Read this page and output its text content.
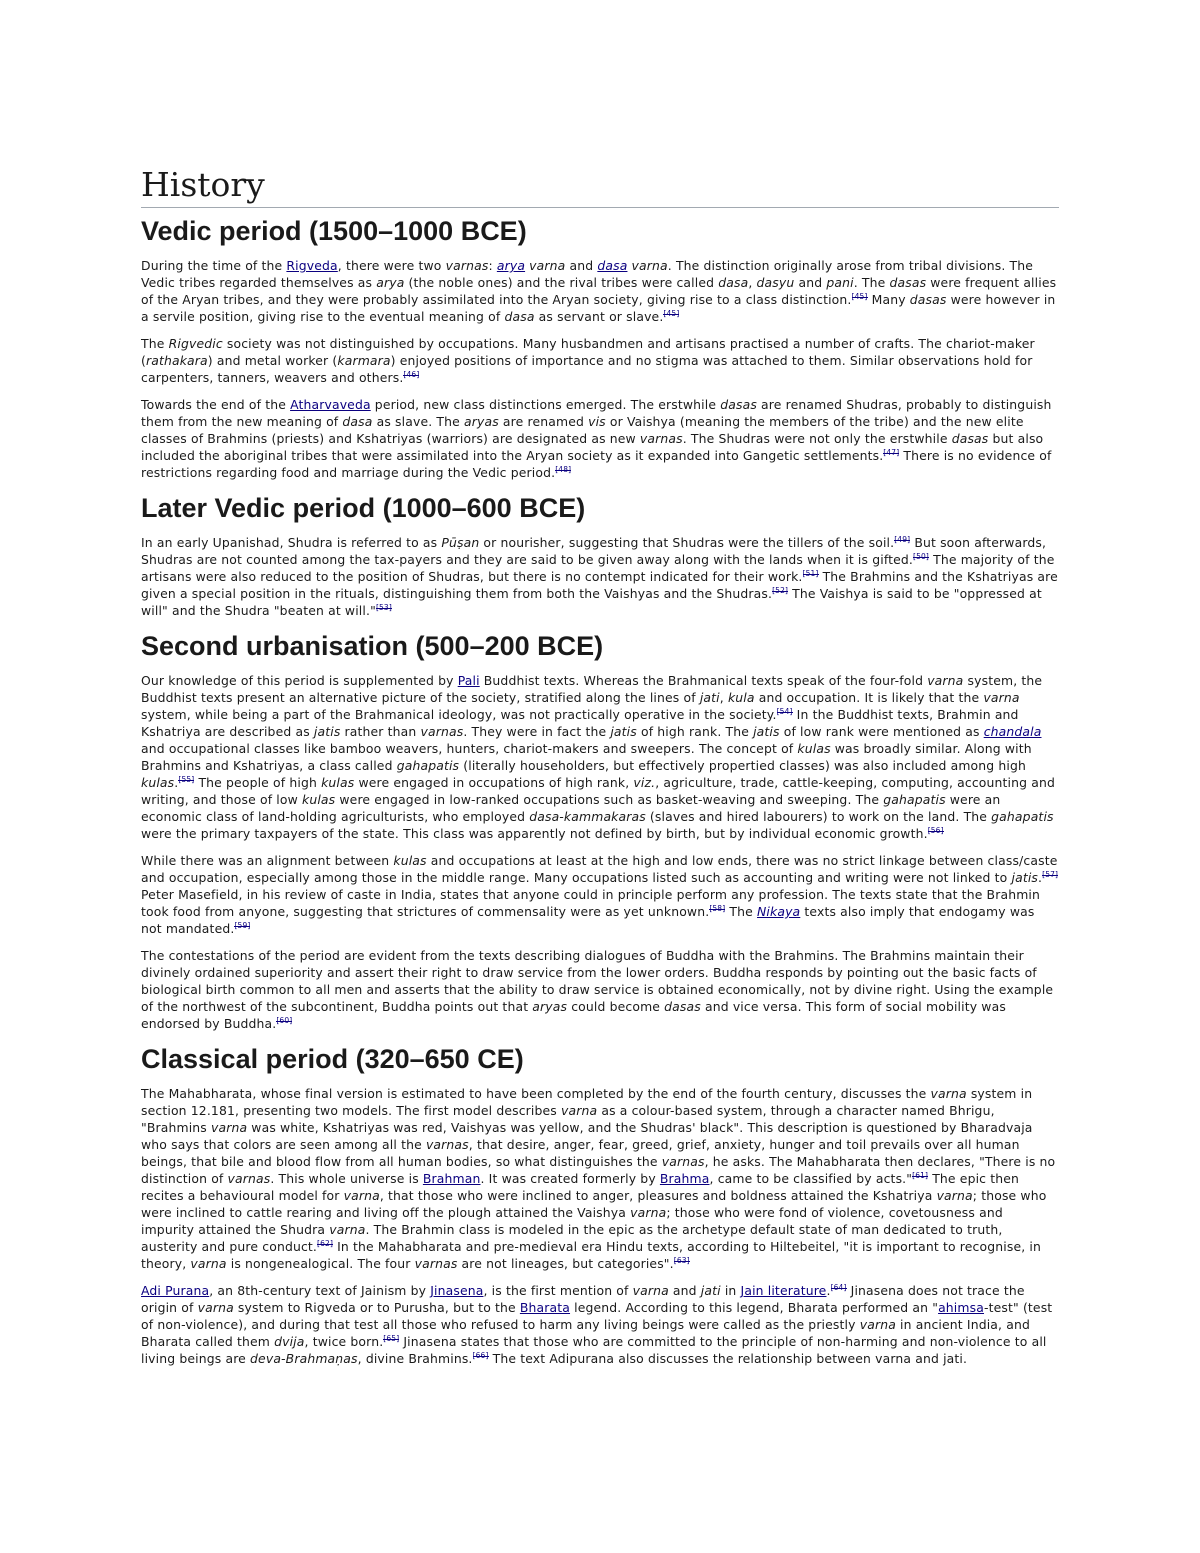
History
Vedic period (1500–1000 BCE)

During the time of the Rigveda, there were two varnas: arya varna and dasa varna. The distinction originally arose from tribal divisions. The Vedic tribes regarded themselves as arya (the noble ones) and the rival tribes were called dasa, dasyu and pani. The dasas were frequent allies of the Aryan tribes, and they were probably assimilated into the Aryan society, giving rise to a class distinction.[45] Many dasas were however in a servile position, giving rise to the eventual meaning of dasa as servant or slave.[45]

The Rigvedic society was not distinguished by occupations. Many husbandmen and artisans practised a number of crafts. The chariot-maker (rathakara) and metal worker (karmara) enjoyed positions of importance and no stigma was attached to them. Similar observations hold for carpenters, tanners, weavers and others.[46]

Towards the end of the Atharvaveda period, new class distinctions emerged. The erstwhile dasas are renamed Shudras, probably to distinguish them from the new meaning of dasa as slave. The aryas are renamed vis or Vaishya (meaning the members of the tribe) and the new elite classes of Brahmins (priests) and Kshatriyas (warriors) are designated as new varnas. The Shudras were not only the erstwhile dasas but also included the aboriginal tribes that were assimilated into the Aryan society as it expanded into Gangetic settlements.[47] There is no evidence of restrictions regarding food and marriage during the Vedic period.[48]

Later Vedic period (1000–600 BCE)

In an early Upanishad, Shudra is referred to as Pūṣan or nourisher, suggesting that Shudras were the tillers of the soil.[49] But soon afterwards, Shudras are not counted among the tax-payers and they are said to be given away along with the lands when it is gifted.[50] The majority of the artisans were also reduced to the position of Shudras, but there is no contempt indicated for their work.[51] The Brahmins and the Kshatriyas are given a special position in the rituals, distinguishing them from both the Vaishyas and the Shudras.[52] The Vaishya is said to be "oppressed at will" and the Shudra "beaten at will."[53]

Second urbanisation (500–200 BCE)

Our knowledge of this period is supplemented by Pali Buddhist texts. Whereas the Brahmanical texts speak of the four-fold varna system, the Buddhist texts present an alternative picture of the society, stratified along the lines of jati, kula and occupation. It is likely that the varna system, while being a part of the Brahmanical ideology, was not practically operative in the society.[54] In the Buddhist texts, Brahmin and Kshatriya are described as jatis rather than varnas. They were in fact the jatis of high rank. The jatis of low rank were mentioned as chandala and occupational classes like bamboo weavers, hunters, chariot-makers and sweepers. The concept of kulas was broadly similar. Along with Brahmins and Kshatriyas, a class called gahapatis (literally householders, but effectively propertied classes) was also included among high kulas.[55] The people of high kulas were engaged in occupations of high rank, viz., agriculture, trade, cattle-keeping, computing, accounting and writing, and those of low kulas were engaged in low-ranked occupations such as basket-weaving and sweeping. The gahapatis were an economic class of land-holding agriculturists, who employed dasa-kammakaras (slaves and hired labourers) to work on the land. The gahapatis were the primary taxpayers of the state. This class was apparently not defined by birth, but by individual economic growth.[56]

While there was an alignment between kulas and occupations at least at the high and low ends, there was no strict linkage between class/caste and occupation, especially among those in the middle range. Many occupations listed such as accounting and writing were not linked to jatis.[57] Peter Masefield, in his review of caste in India, states that anyone could in principle perform any profession. The texts state that the Brahmin took food from anyone, suggesting that strictures of commensality were as yet unknown.[58] The Nikaya texts also imply that endogamy was not mandated.[59]

The contestations of the period are evident from the texts describing dialogues of Buddha with the Brahmins. The Brahmins maintain their divinely ordained superiority and assert their right to draw service from the lower orders. Buddha responds by pointing out the basic facts of biological birth common to all men and asserts that the ability to draw service is obtained economically, not by divine right. Using the example of the northwest of the subcontinent, Buddha points out that aryas could become dasas and vice versa. This form of social mobility was endorsed by Buddha.[60]

Classical period (320–650 CE)

The Mahabharata, whose final version is estimated to have been completed by the end of the fourth century, discusses the varna system in section 12.181, presenting two models. The first model describes varna as a colour-based system, through a character named Bhrigu, "Brahmins varna was white, Kshatriyas was red, Vaishyas was yellow, and the Shudras' black". This description is questioned by Bharadvaja who says that colors are seen among all the varnas, that desire, anger, fear, greed, grief, anxiety, hunger and toil prevails over all human beings, that bile and blood flow from all human bodies, so what distinguishes the varnas, he asks. The Mahabharata then declares, "There is no distinction of varnas. This whole universe is Brahman. It was created formerly by Brahma, came to be classified by acts."[61] The epic then recites a behavioural model for varna, that those who were inclined to anger, pleasures and boldness attained the Kshatriya varna; those who were inclined to cattle rearing and living off the plough attained the Vaishya varna; those who were fond of violence, covetousness and impurity attained the Shudra varna. The Brahmin class is modeled in the epic as the archetype default state of man dedicated to truth, austerity and pure conduct.[62] In the Mahabharata and pre-medieval era Hindu texts, according to Hiltebeitel, "it is important to recognise, in theory, varna is nongenealogical. The four varnas are not lineages, but categories".[63]

Adi Purana, an 8th-century text of Jainism by Jinasena, is the first mention of varna and jati in Jain literature.[64] Jinasena does not trace the origin of varna system to Rigveda or to Purusha, but to the Bharata legend. According to this legend, Bharata performed an "ahimsa-test" (test of non-violence), and during that test all those who refused to harm any living beings were called as the priestly varna in ancient India, and Bharata called them dvija, twice born.[65] Jinasena states that those who are committed to the principle of non-harming and non-violence to all living beings are deva-Brahmaṇas, divine Brahmins.[66] The text Adipurana also discusses the relationship between varna and jati.
